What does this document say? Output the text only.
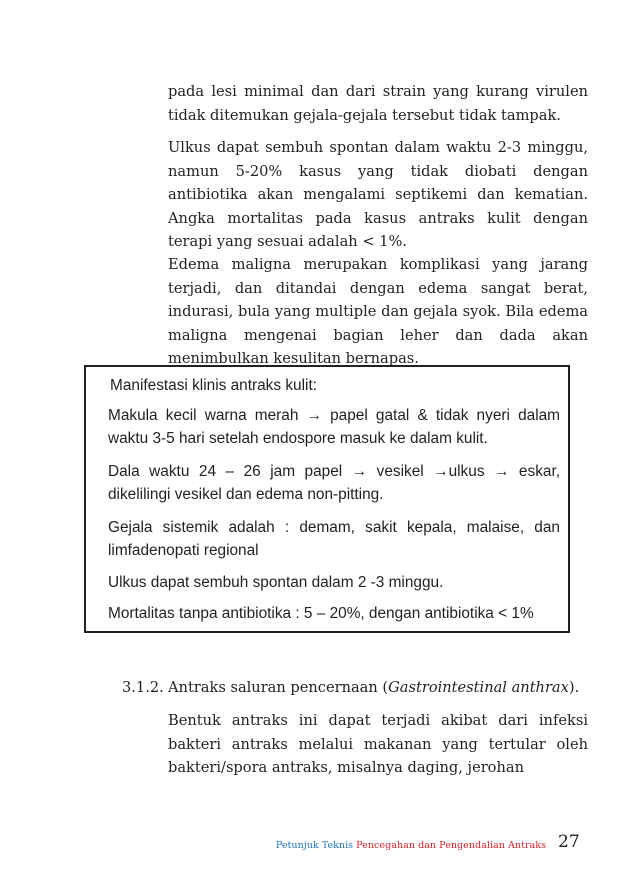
pada lesi minimal dan dari strain yang kurang virulen tidak ditemukan gejala-gejala tersebut tidak tampak.

Ulkus dapat sembuh spontan dalam waktu 2-3 minggu, namun 5-20% kasus yang tidak diobati dengan antibiotika akan mengalami septikemi dan kematian. Angka mortalitas pada kasus antraks kulit dengan terapi yang sesuai adalah < 1%.

Edema maligna merupakan komplikasi yang jarang terjadi, dan ditandai dengan edema sangat berat, indurasi, bula yang multiple dan gejala syok. Bila edema maligna mengenai bagian leher dan dada akan menimbulkan kesulitan bernapas.

Manifestasi klinis antraks kulit:

Makula kecil warna merah → papel gatal & tidak nyeri dalam waktu 3-5 hari setelah endospore masuk ke dalam kulit.

Dala waktu 24 – 26 jam papel → vesikel →ulkus → eskar, dikelilingi vesikel dan edema non-pitting.

Gejala sistemik adalah : demam, sakit kepala, malaise, dan limfadenopati regional

Ulkus dapat sembuh spontan dalam 2 -3 minggu.

Mortalitas tanpa antibiotika : 5 – 20%, dengan antibiotika < 1%

3.1.2. Antraks saluran pencernaan (Gastrointestinal anthrax).

Bentuk antraks ini dapat terjadi akibat dari infeksi bakteri antraks melalui makanan yang tertular oleh bakteri/spora antraks, misalnya daging, jerohan

Petunjuk Teknis Pencegahan dan Pengendalian Antraks 27
